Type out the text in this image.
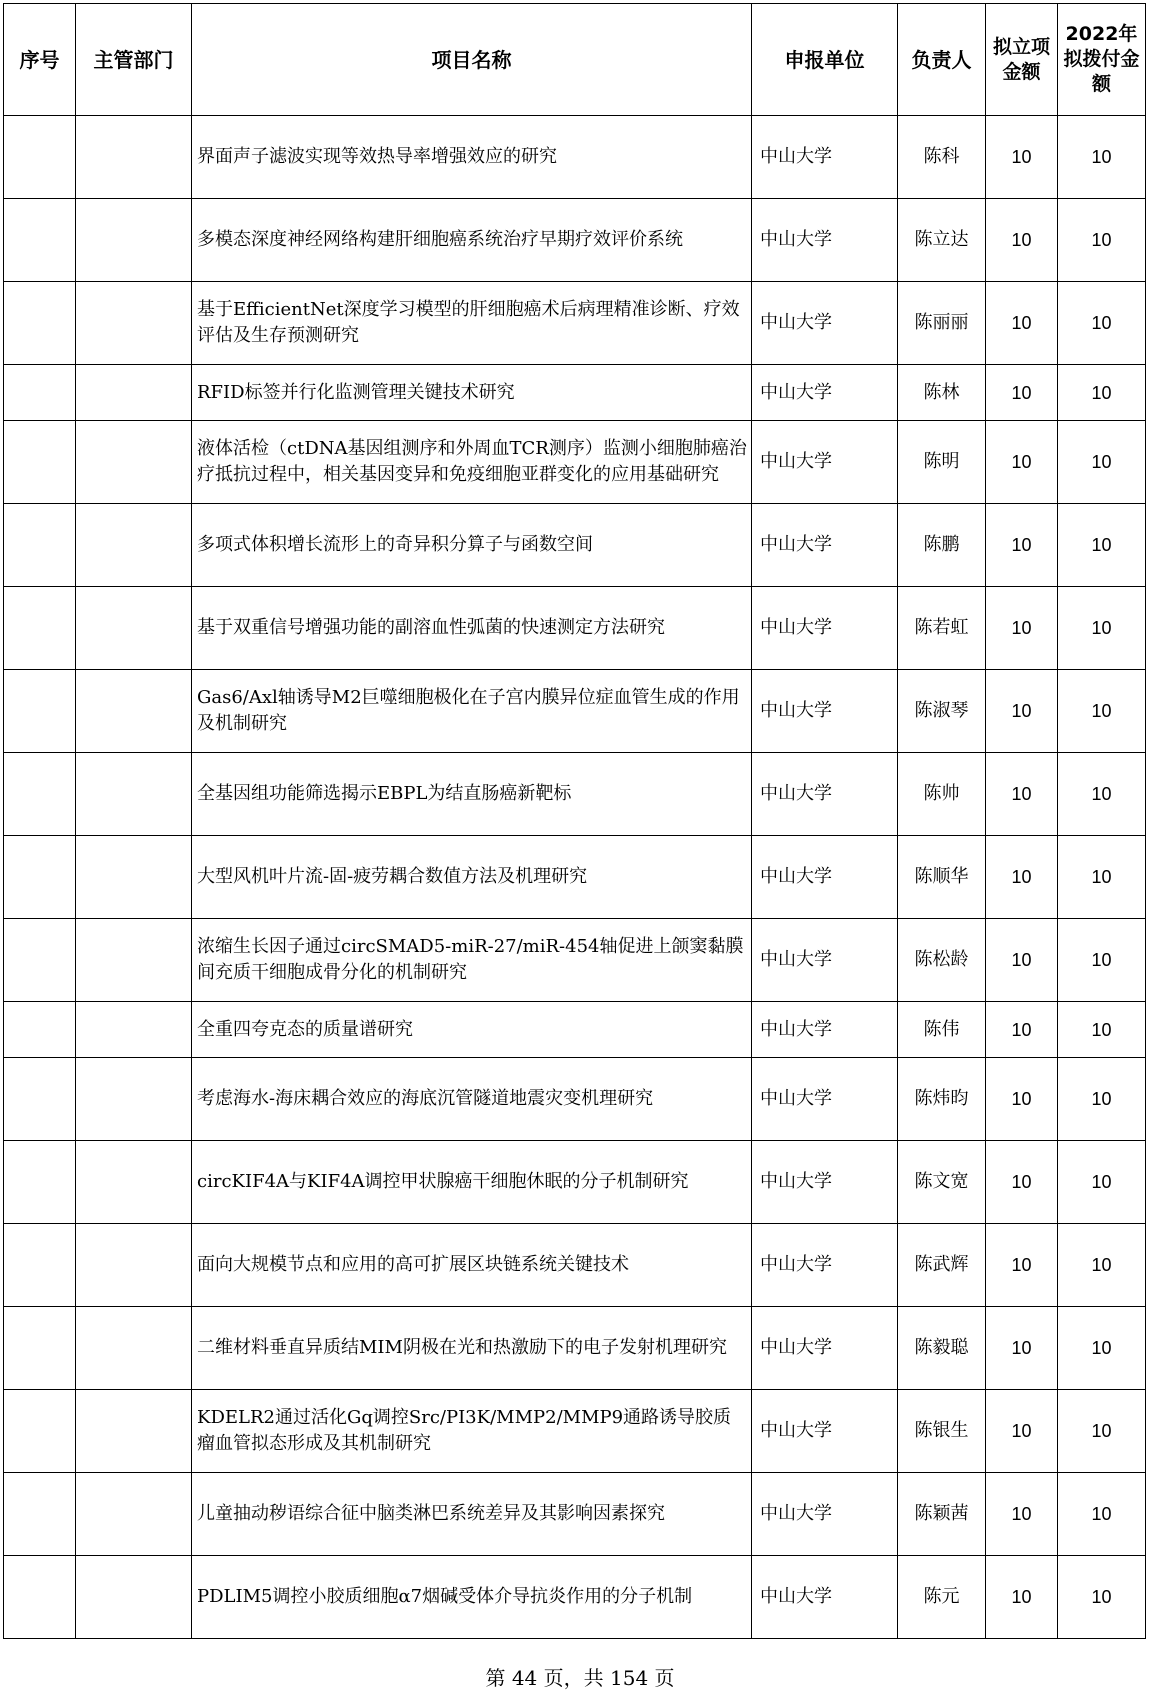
序号	主管部门	项目名称	申报单位	负责人	拟立项金额	2022年拟拨付金额
		界面声子滤波实现等效热导率增强效应的研究	中山大学	陈科	10	10
		多模态深度神经网络构建肝细胞癌系统治疗早期疗效评价系统	中山大学	陈立达	10	10
		基于EfficientNet深度学习模型的肝细胞癌术后病理精准诊断、疗效评估及生存预测研究	中山大学	陈丽丽	10	10
		RFID标签并行化监测管理关键技术研究	中山大学	陈林	10	10
		液体活检（ctDNA基因组测序和外周血TCR测序）监测小细胞肺癌治疗抵抗过程中，相关基因变异和免疫细胞亚群变化的应用基础研究	中山大学	陈明	10	10
		多项式体积增长流形上的奇异积分算子与函数空间	中山大学	陈鹏	10	10
		基于双重信号增强功能的副溶血性弧菌的快速测定方法研究	中山大学	陈若虹	10	10
		Gas6/Axl轴诱导M2巨噬细胞极化在子宫内膜异位症血管生成的作用及机制研究	中山大学	陈淑琴	10	10
		全基因组功能筛选揭示EBPL为结直肠癌新靶标	中山大学	陈帅	10	10
		大型风机叶片流-固-疲劳耦合数值方法及机理研究	中山大学	陈顺华	10	10
		浓缩生长因子通过circSMAD5-miR-27/miR-454轴促进上颌窦黏膜间充质干细胞成骨分化的机制研究	中山大学	陈松龄	10	10
		全重四夸克态的质量谱研究	中山大学	陈伟	10	10
		考虑海水-海床耦合效应的海底沉管隧道地震灾变机理研究	中山大学	陈炜昀	10	10
		circKIF4A与KIF4A调控甲状腺癌干细胞休眠的分子机制研究	中山大学	陈文宽	10	10
		面向大规模节点和应用的高可扩展区块链系统关键技术	中山大学	陈武辉	10	10
		二维材料垂直异质结MIM阴极在光和热激励下的电子发射机理研究	中山大学	陈毅聪	10	10
		KDELR2通过活化Gq调控Src/PI3K/MMP2/MMP9通路诱导胶质瘤血管拟态形成及其机制研究	中山大学	陈银生	10	10
		儿童抽动秽语综合征中脑类淋巴系统差异及其影响因素探究	中山大学	陈颖茜	10	10
		PDLIM5调控小胶质细胞α7烟碱受体介导抗炎作用的分子机制	中山大学	陈元	10	10
第 44 页，共 154 页
